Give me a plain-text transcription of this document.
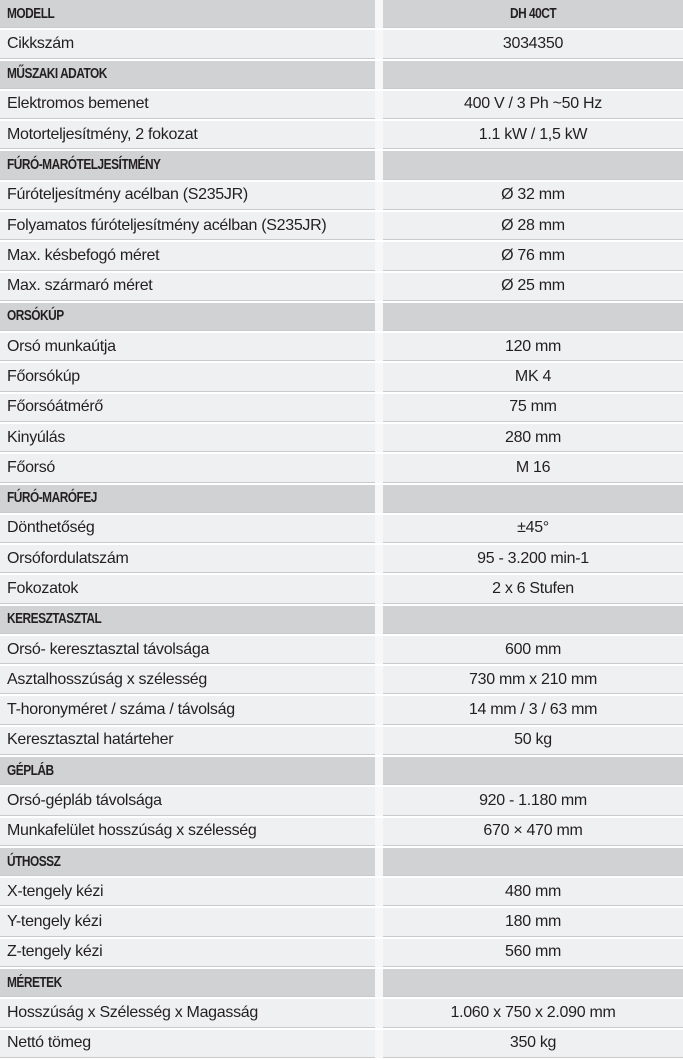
MODELL	DH 40CT
Cikkszám	3034350
MŰSZAKI ADATOK
Elektromos bemenet	400 V / 3 Ph ~50 Hz
Motorteljesítmény, 2 fokozat	1.1 kW / 1,5 kW
FÚRÓ-MARÓTELJESÍTMÉNY
Fúróteljesítmény acélban (S235JR)	Ø 32 mm
Folyamatos fúróteljesítmény acélban (S235JR)	Ø 28 mm
Max. késbefogó méret	Ø 76 mm
Max. szármaró méret	Ø 25 mm
ORSÓKÚP
Orsó munkaútja	120 mm
Főorsókúp	MK 4
Főorsóátmérő	75 mm
Kinyúlás	280 mm
Főorsó	M 16
FÚRÓ-MARÓFEJ
Dönthetőség	±45°
Orsófordulatszám	95 - 3.200 min-1
Fokozatok	2 x 6 Stufen
KERESZTASZTAL
Orsó- keresztasztal távolsága	600 mm
Asztalhosszúság x szélesség	730 mm x 210 mm
T-horonyméret / száma / távolság	14 mm / 3 / 63 mm
Keresztasztal határteher	50 kg
GÉPLÁB
Orsó-gépláb távolsága	920 - 1.180 mm
Munkafelület hosszúság x szélesség	670 × 470 mm
ÚTHOSSZ
X-tengely kézi	480 mm
Y-tengely kézi	180 mm
Z-tengely kézi	560 mm
MÉRETEK
Hosszúság x Szélesség x Magasság	1.060 x 750 x 2.090 mm
Nettó tömeg	350 kg
